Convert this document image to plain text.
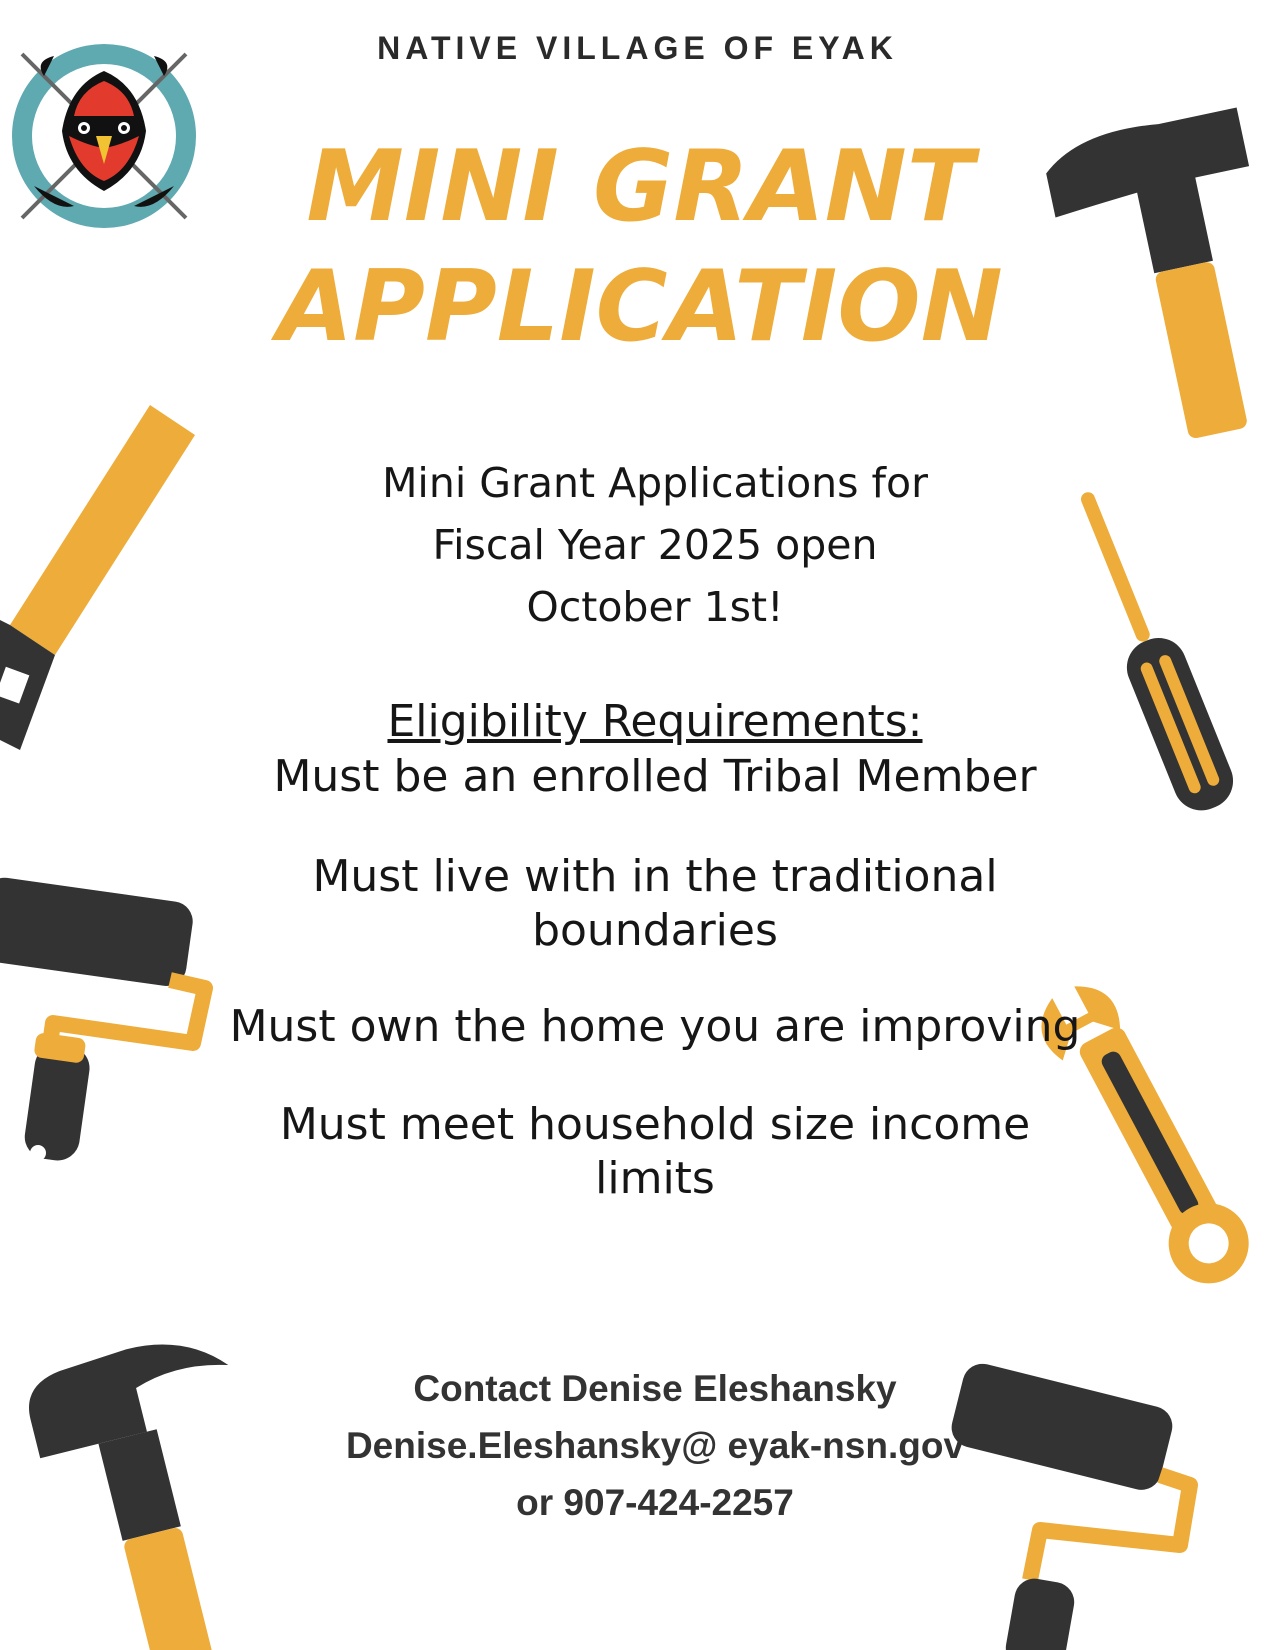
NATIVE VILLAGE OF EYAK
MINI GRANT
APPLICATION
Mini Grant Applications for
Fiscal Year 2025 open
October 1st!
Eligibility Requirements:
Must be an enrolled Tribal Member
Must live with in the traditional
boundaries
Must own the home you are improving
Must meet household size income
limits
Contact Denise Eleshansky
Denise.Eleshansky@ eyak-nsn.gov
or 907-424-2257
